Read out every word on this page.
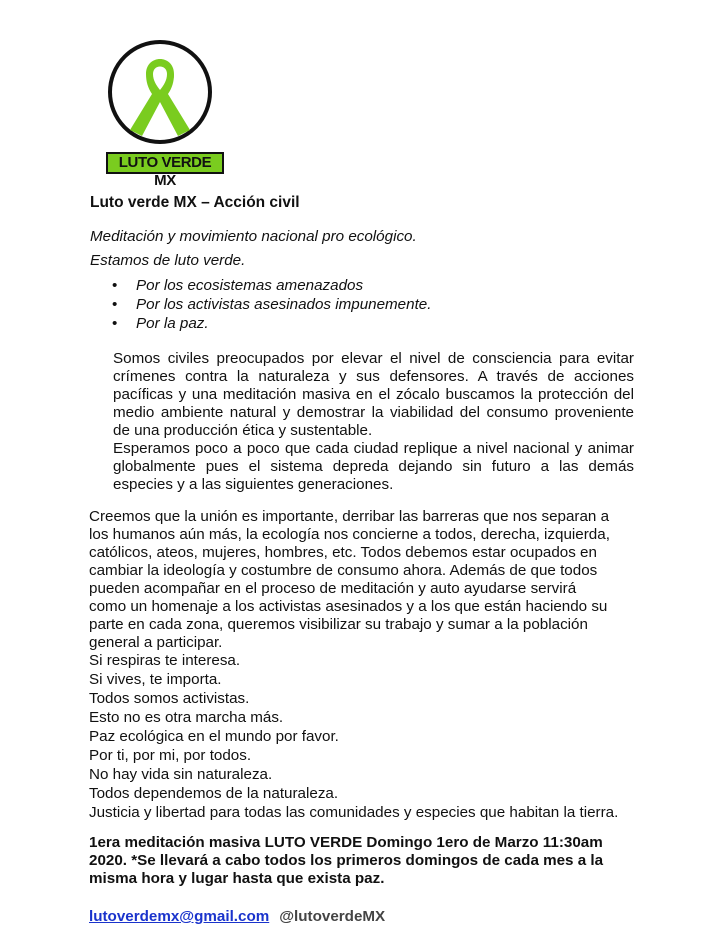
LUTO VERDE MX
Luto verde MX – Acción civil
Meditación y movimiento nacional pro ecológico.
Estamos de luto verde.
•	Por los ecosistemas amenazados
•	Por los activistas asesinados impunemente.
•	Por la paz.

Somos civiles preocupados por elevar el nivel de consciencia para evitar crímenes contra la naturaleza y sus defensores. A través de acciones pacíficas y una meditación masiva en el zócalo buscamos la protección del medio ambiente natural y demostrar la viabilidad del consumo proveniente de una producción ética y sustentable.

Esperamos poco a poco que cada ciudad replique a nivel nacional y animar globalmente pues el sistema depreda dejando sin futuro a las demás especies y a las siguientes generaciones.

Creemos que la unión es importante, derribar las barreras que nos separan a los humanos aún más, la ecología nos concierne a todos, derecha, izquierda, católicos, ateos, mujeres, hombres, etc. Todos debemos estar ocupados en cambiar la ideología y costumbre de consumo ahora. Además de que todos pueden acompañar en el proceso de meditación y auto ayudarse servirá como un homenaje a los activistas asesinados y a los que están haciendo su parte en cada zona, queremos visibilizar su trabajo y sumar a la población general a participar.

Si respiras te interesa.
Si vives, te importa.
Todos somos activistas.
Esto no es otra marcha más.
Paz ecológica en el mundo por favor.
Por ti, por mi, por todos.
No hay vida sin naturaleza.
Todos dependemos de la naturaleza.
Justicia y libertad para todas las comunidades y especies que habitan la tierra.

1era meditación masiva LUTO VERDE Domingo 1ero de Marzo 11:30am 2020. *Se llevará a cabo todos los primeros domingos de cada mes a la misma hora y lugar hasta que exista paz.

lutoverdemx@gmail.com @lutoverdeMX
